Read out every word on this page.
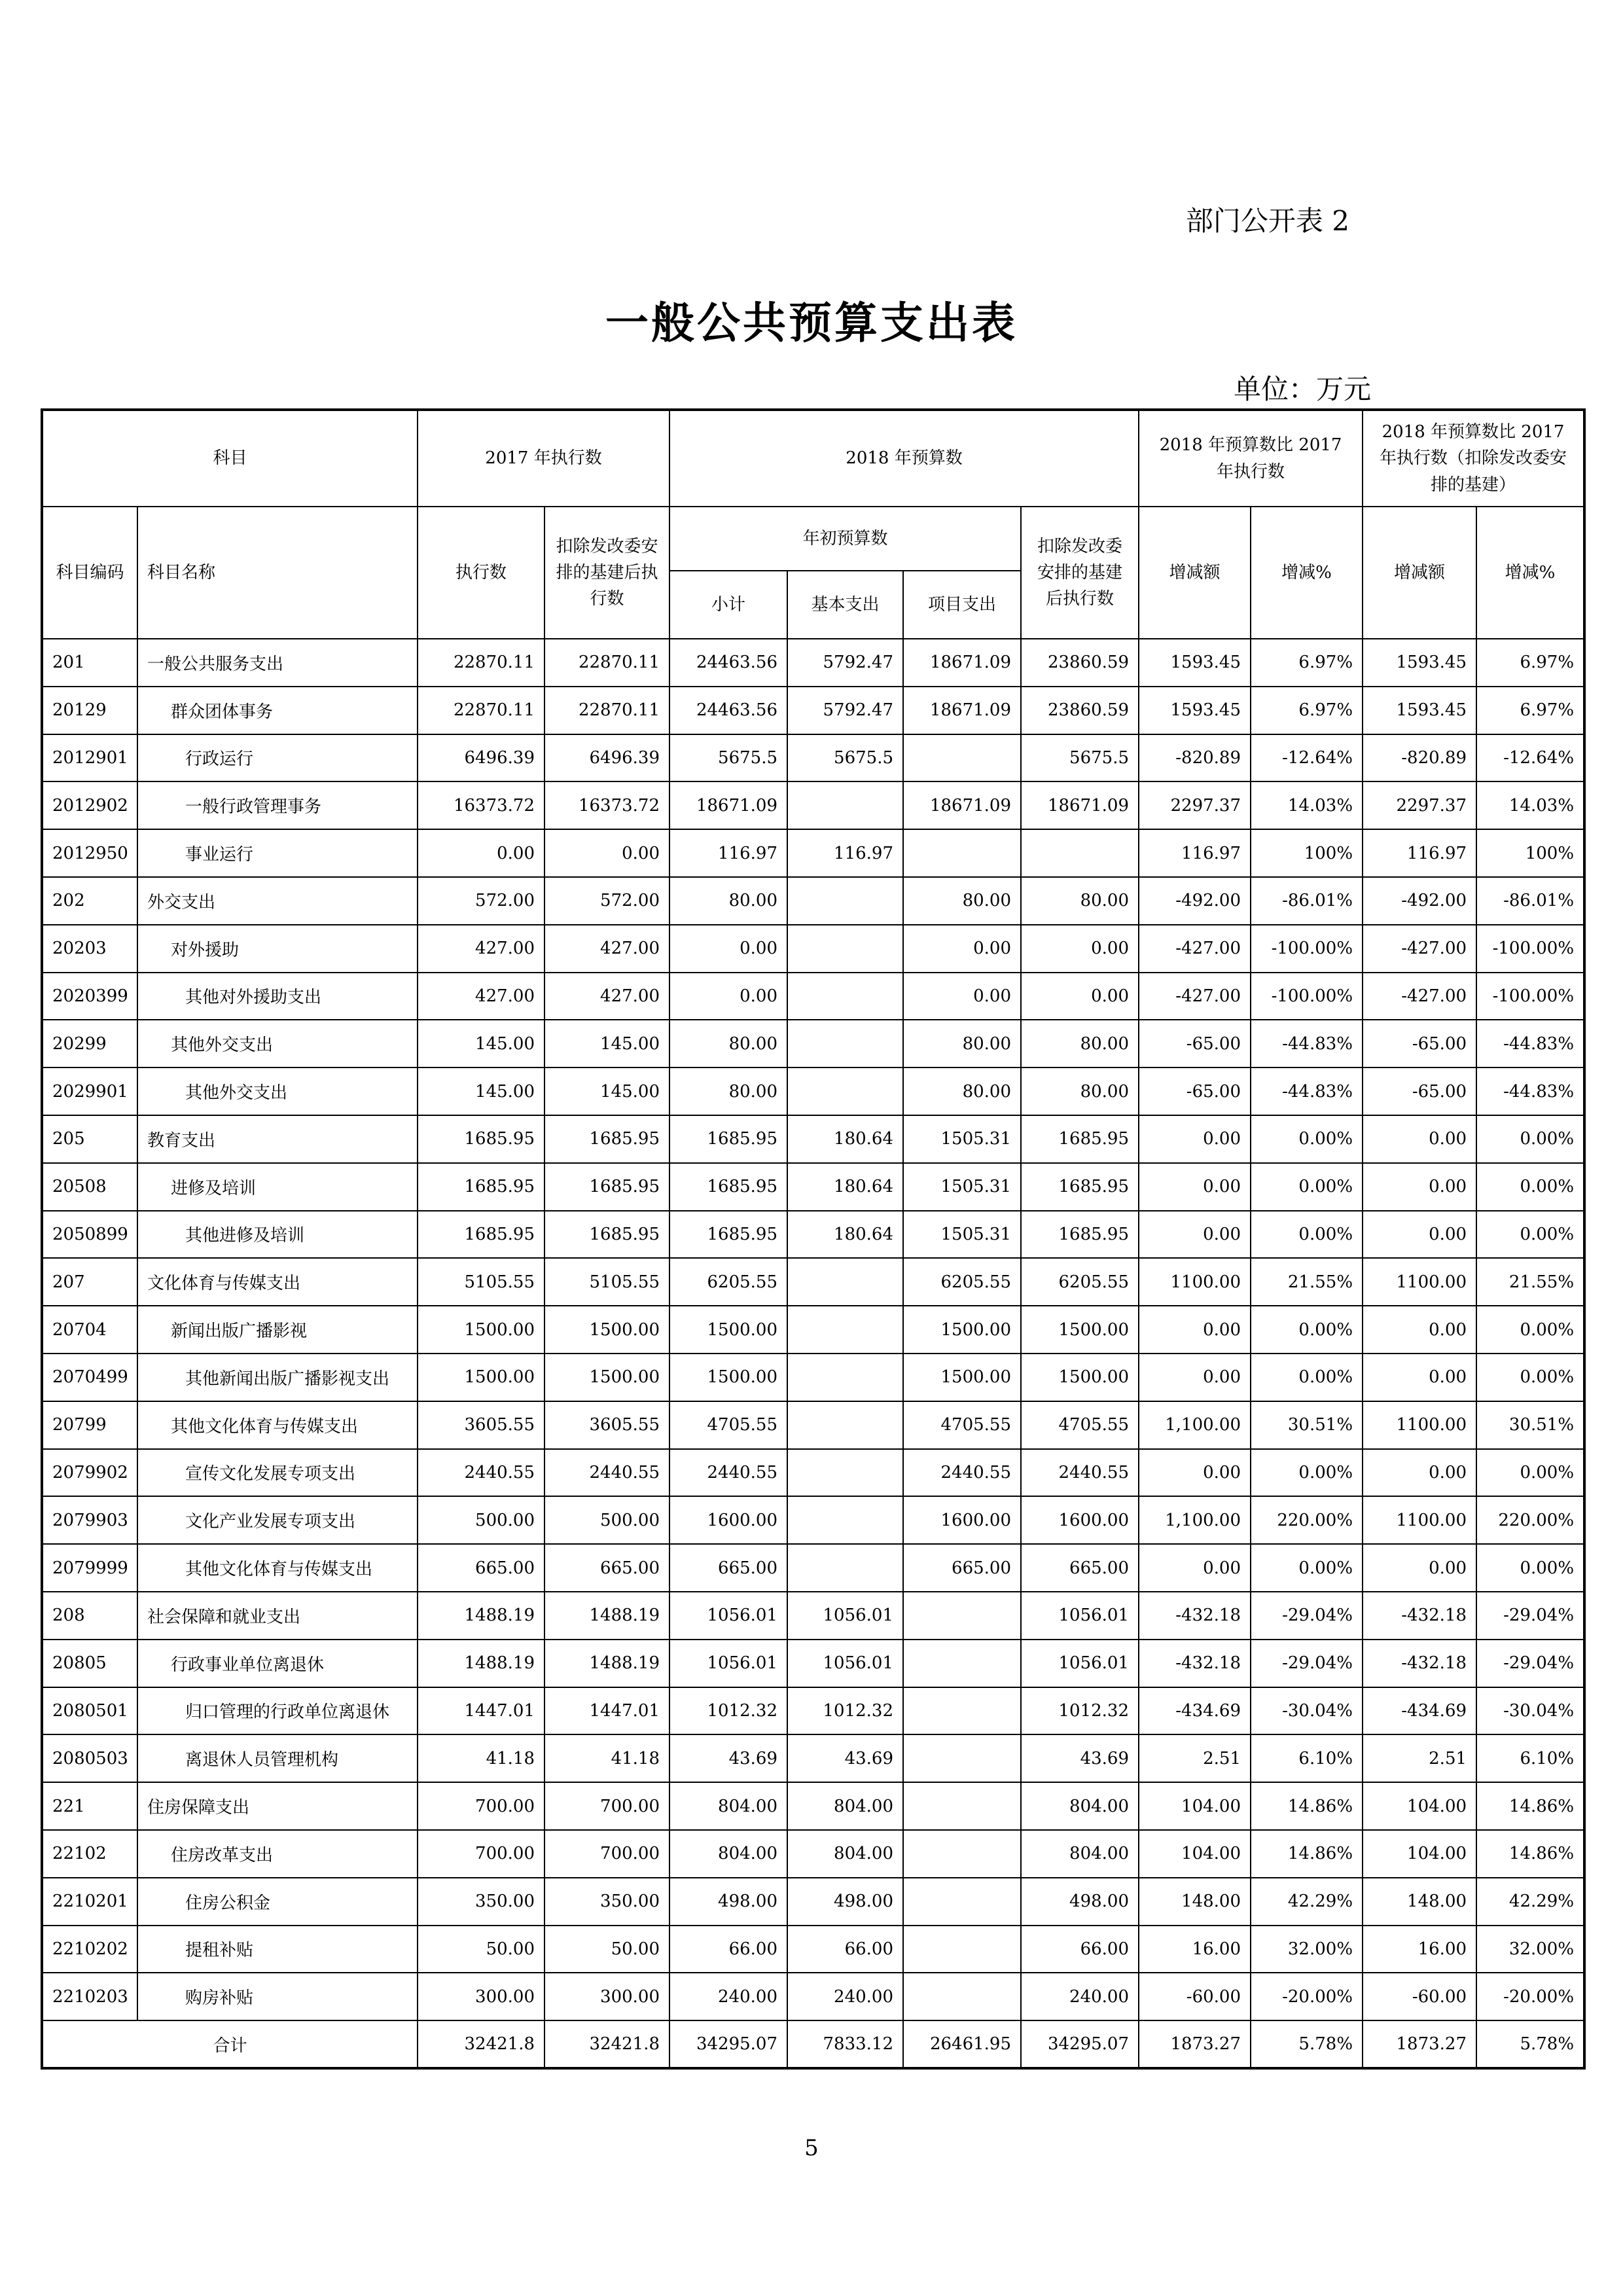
部门公开表 2
一般公共预算支出表
单位：万元
科目		2017 年执行数		2018 年预算数				2018 年预算数比 2017 年执行数		2018 年预算数比 2017 年执行数（扣除发改委安排的基建）	
科目编码	科目名称	执行数	扣除发改委安排的基建后执行数	年初预算数			扣除发改委安排的基建后执行数	增减额	增减%	增减额	增减%
				小计	基本支出	项目支出					
201	一般公共服务支出	22870.11	22870.11	24463.56	5792.47	18671.09	23860.59	1593.45	6.97%	1593.45	6.97%
20129	群众团体事务	22870.11	22870.11	24463.56	5792.47	18671.09	23860.59	1593.45	6.97%	1593.45	6.97%
2012901	行政运行	6496.39	6496.39	5675.5	5675.5		5675.5	-820.89	-12.64%	-820.89	-12.64%
2012902	一般行政管理事务	16373.72	16373.72	18671.09		18671.09	18671.09	2297.37	14.03%	2297.37	14.03%
2012950	事业运行	0.00	0.00	116.97	116.97			116.97	100%	116.97	100%
202	外交支出	572.00	572.00	80.00		80.00	80.00	-492.00	-86.01%	-492.00	-86.01%
20203	对外援助	427.00	427.00	0.00		0.00	0.00	-427.00	-100.00%	-427.00	-100.00%
2020399	其他对外援助支出	427.00	427.00	0.00		0.00	0.00	-427.00	-100.00%	-427.00	-100.00%
20299	其他外交支出	145.00	145.00	80.00		80.00	80.00	-65.00	-44.83%	-65.00	-44.83%
2029901	其他外交支出	145.00	145.00	80.00		80.00	80.00	-65.00	-44.83%	-65.00	-44.83%
205	教育支出	1685.95	1685.95	1685.95	180.64	1505.31	1685.95	0.00	0.00%	0.00	0.00%
20508	进修及培训	1685.95	1685.95	1685.95	180.64	1505.31	1685.95	0.00	0.00%	0.00	0.00%
2050899	其他进修及培训	1685.95	1685.95	1685.95	180.64	1505.31	1685.95	0.00	0.00%	0.00	0.00%
207	文化体育与传媒支出	5105.55	5105.55	6205.55		6205.55	6205.55	1100.00	21.55%	1100.00	21.55%
20704	新闻出版广播影视	1500.00	1500.00	1500.00		1500.00	1500.00	0.00	0.00%	0.00	0.00%
2070499	其他新闻出版广播影视支出	1500.00	1500.00	1500.00		1500.00	1500.00	0.00	0.00%	0.00	0.00%
20799	其他文化体育与传媒支出	3605.55	3605.55	4705.55		4705.55	4705.55	1,100.00	30.51%	1100.00	30.51%
2079902	宣传文化发展专项支出	2440.55	2440.55	2440.55		2440.55	2440.55	0.00	0.00%	0.00	0.00%
2079903	文化产业发展专项支出	500.00	500.00	1600.00		1600.00	1600.00	1,100.00	220.00%	1100.00	220.00%
2079999	其他文化体育与传媒支出	665.00	665.00	665.00		665.00	665.00	0.00	0.00%	0.00	0.00%
208	社会保障和就业支出	1488.19	1488.19	1056.01	1056.01		1056.01	-432.18	-29.04%	-432.18	-29.04%
20805	行政事业单位离退休	1488.19	1488.19	1056.01	1056.01		1056.01	-432.18	-29.04%	-432.18	-29.04%
2080501	归口管理的行政单位离退休	1447.01	1447.01	1012.32	1012.32		1012.32	-434.69	-30.04%	-434.69	-30.04%
2080503	离退休人员管理机构	41.18	41.18	43.69	43.69		43.69	2.51	6.10%	2.51	6.10%
221	住房保障支出	700.00	700.00	804.00	804.00		804.00	104.00	14.86%	104.00	14.86%
22102	住房改革支出	700.00	700.00	804.00	804.00		804.00	104.00	14.86%	104.00	14.86%
2210201	住房公积金	350.00	350.00	498.00	498.00		498.00	148.00	42.29%	148.00	42.29%
2210202	提租补贴	50.00	50.00	66.00	66.00		66.00	16.00	32.00%	16.00	32.00%
2210203	购房补贴	300.00	300.00	240.00	240.00		240.00	-60.00	-20.00%	-60.00	-20.00%
合计		32421.8	32421.8	34295.07	7833.12	26461.95	34295.07	1873.27	5.78%	1873.27	5.78%
5
